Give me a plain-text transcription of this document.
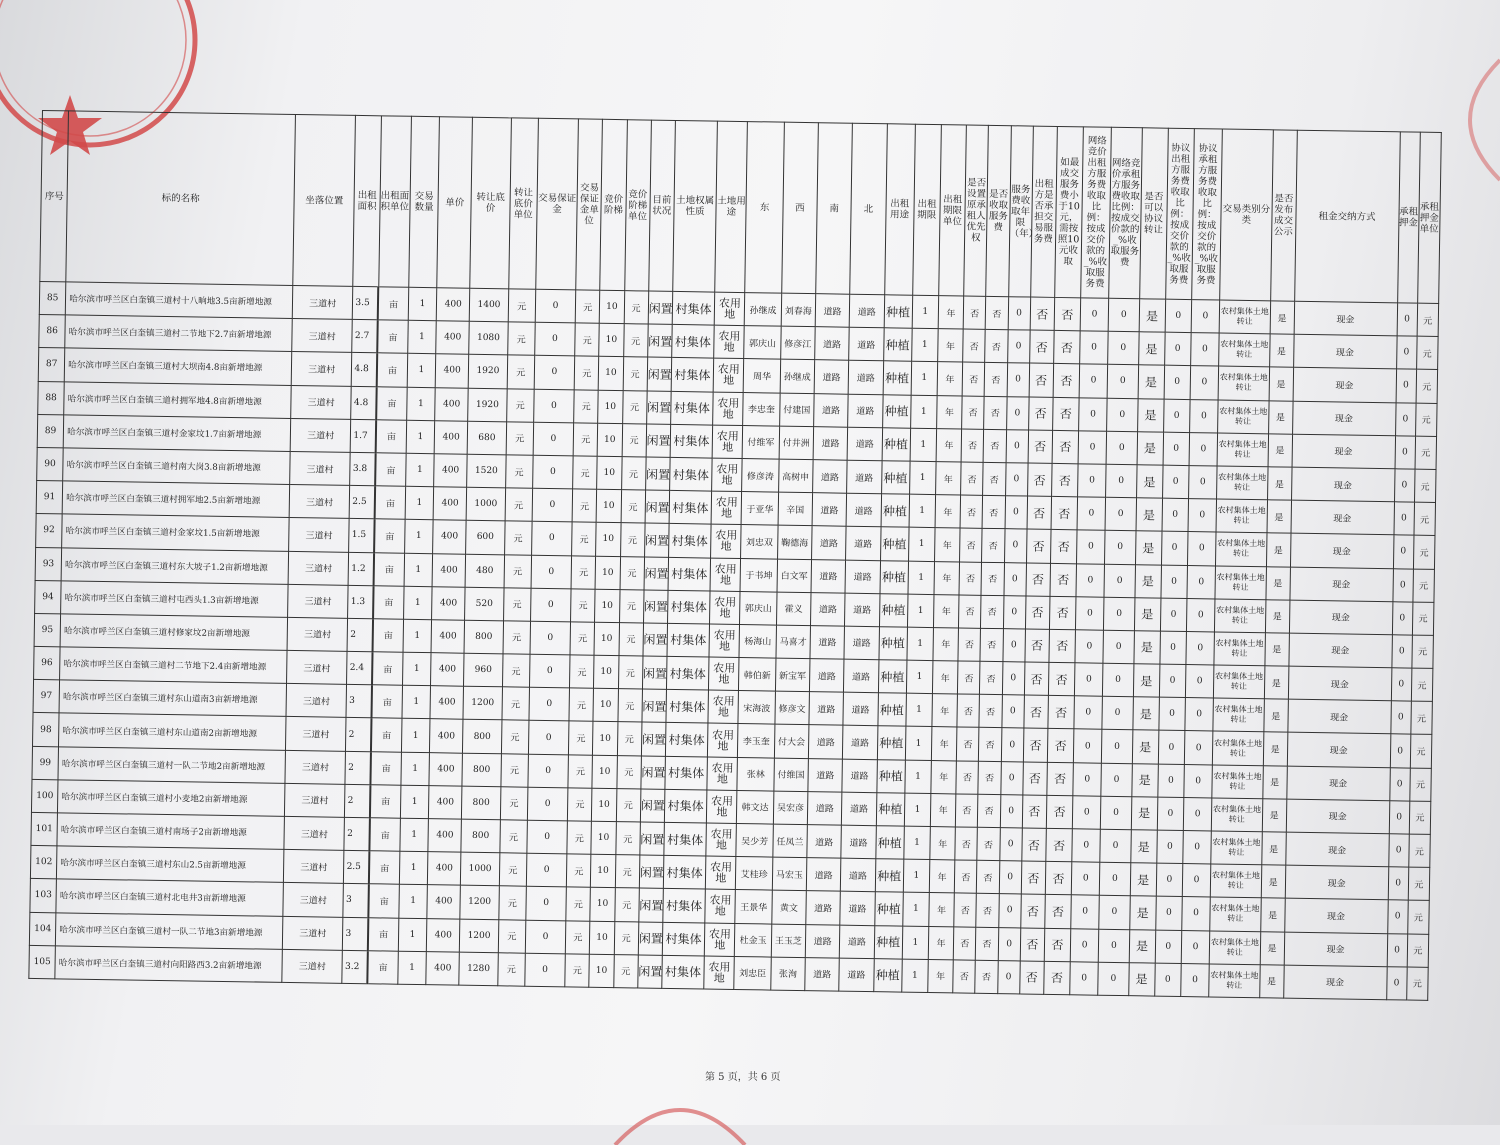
序号	标的名称	坐落位置	出租面积	出租面积单位	交易数量	单价	转让底价	转让底价单位	交易保证金	交易保证金单位	竞价阶梯	竞价阶梯单位	目前状况	土地权属性质	土地用途	东	西	南	北	出租用途	出租期限	出租期限单位	是否设置原承租人优先权	是否收取服务费	服务费收取年限（年）	出租方是否承担交易服务费	如最成交服务费小于10元，需按照10元收取	网络竞价出租方服务费收取比例：按成交价款的_%收取服务费	网络竞价承租方服务费收取比例：按成交价款的_%收取服务费	是否可以协议转让	协议出租方服务费收取比例：按成交价款的_%收取服务费	协议承租方服务费收取比例：按成交价款的_%收取服务费	交易类别分类	是否发布成交公示	租金交纳方式	承租押金	承租押金单位
85	哈尔滨市呼兰区白奎镇三道村十八晌地3.5亩新增地源	三道村	3.5	亩	1	400	1400	元	0	元	10	元	闲置	村集体	农用地	孙继成	刘春海	道路	道路	种植	1	年	否	否	0	否	否	0	0	是	0	0	农村集体土地转让	是	现金	0	元
86	哈尔滨市呼兰区白奎镇三道村二节地下2.7亩新增地源	三道村	2.7	亩	1	400	1080	元	0	元	10	元	闲置	村集体	农用地	郭庆山	修彦江	道路	道路	种植	1	年	否	否	0	否	否	0	0	是	0	0	农村集体土地转让	是	现金	0	元
87	哈尔滨市呼兰区白奎镇三道村大坝南4.8亩新增地源	三道村	4.8	亩	1	400	1920	元	0	元	10	元	闲置	村集体	农用地	周华	孙继成	道路	道路	种植	1	年	否	否	0	否	否	0	0	是	0	0	农村集体土地转让	是	现金	0	元
88	哈尔滨市呼兰区白奎镇三道村拥军地4.8亩新增地源	三道村	4.8	亩	1	400	1920	元	0	元	10	元	闲置	村集体	农用地	李忠奎	付建国	道路	道路	种植	1	年	否	否	0	否	否	0	0	是	0	0	农村集体土地转让	是	现金	0	元
89	哈尔滨市呼兰区白奎镇三道村金家坟1.7亩新增地源	三道村	1.7	亩	1	400	680	元	0	元	10	元	闲置	村集体	农用地	付维军	付井洲	道路	道路	种植	1	年	否	否	0	否	否	0	0	是	0	0	农村集体土地转让	是	现金	0	元
90	哈尔滨市呼兰区白奎镇三道村南大岗3.8亩新增地源	三道村	3.8	亩	1	400	1520	元	0	元	10	元	闲置	村集体	农用地	修彦涛	高树申	道路	道路	种植	1	年	否	否	0	否	否	0	0	是	0	0	农村集体土地转让	是	现金	0	元
91	哈尔滨市呼兰区白奎镇三道村拥军地2.5亩新增地源	三道村	2.5	亩	1	400	1000	元	0	元	10	元	闲置	村集体	农用地	于亚华	辛国	道路	道路	种植	1	年	否	否	0	否	否	0	0	是	0	0	农村集体土地转让	是	现金	0	元
92	哈尔滨市呼兰区白奎镇三道村金家坟1.5亩新增地源	三道村	1.5	亩	1	400	600	元	0	元	10	元	闲置	村集体	农用地	刘忠双	鞠德海	道路	道路	种植	1	年	否	否	0	否	否	0	0	是	0	0	农村集体土地转让	是	现金	0	元
93	哈尔滨市呼兰区白奎镇三道村东大坡子1.2亩新增地源	三道村	1.2	亩	1	400	480	元	0	元	10	元	闲置	村集体	农用地	于书坤	白文军	道路	道路	种植	1	年	否	否	0	否	否	0	0	是	0	0	农村集体土地转让	是	现金	0	元
94	哈尔滨市呼兰区白奎镇三道村屯西头1.3亩新增地源	三道村	1.3	亩	1	400	520	元	0	元	10	元	闲置	村集体	农用地	郭庆山	霍义	道路	道路	种植	1	年	否	否	0	否	否	0	0	是	0	0	农村集体土地转让	是	现金	0	元
95	哈尔滨市呼兰区白奎镇三道村修家坟2亩新增地源	三道村	2	亩	1	400	800	元	0	元	10	元	闲置	村集体	农用地	杨海山	马喜才	道路	道路	种植	1	年	否	否	0	否	否	0	0	是	0	0	农村集体土地转让	是	现金	0	元
96	哈尔滨市呼兰区白奎镇三道村二节地下2.4亩新增地源	三道村	2.4	亩	1	400	960	元	0	元	10	元	闲置	村集体	农用地	韩伯新	新宝军	道路	道路	种植	1	年	否	否	0	否	否	0	0	是	0	0	农村集体土地转让	是	现金	0	元
97	哈尔滨市呼兰区白奎镇三道村东山道南3亩新增地源	三道村	3	亩	1	400	1200	元	0	元	10	元	闲置	村集体	农用地	宋海波	修彦文	道路	道路	种植	1	年	否	否	0	否	否	0	0	是	0	0	农村集体土地转让	是	现金	0	元
98	哈尔滨市呼兰区白奎镇三道村东山道南2亩新增地源	三道村	2	亩	1	400	800	元	0	元	10	元	闲置	村集体	农用地	李玉奎	付大会	道路	道路	种植	1	年	否	否	0	否	否	0	0	是	0	0	农村集体土地转让	是	现金	0	元
99	哈尔滨市呼兰区白奎镇三道村一队二节地2亩新增地源	三道村	2	亩	1	400	800	元	0	元	10	元	闲置	村集体	农用地	张林	付维国	道路	道路	种植	1	年	否	否	0	否	否	0	0	是	0	0	农村集体土地转让	是	现金	0	元
100	哈尔滨市呼兰区白奎镇三道村小麦地2亩新增地源	三道村	2	亩	1	400	800	元	0	元	10	元	闲置	村集体	农用地	韩文达	吴宏彦	道路	道路	种植	1	年	否	否	0	否	否	0	0	是	0	0	农村集体土地转让	是	现金	0	元
101	哈尔滨市呼兰区白奎镇三道村南场子2亩新增地源	三道村	2	亩	1	400	800	元	0	元	10	元	闲置	村集体	农用地	吴少芳	任凤兰	道路	道路	种植	1	年	否	否	0	否	否	0	0	是	0	0	农村集体土地转让	是	现金	0	元
102	哈尔滨市呼兰区白奎镇三道村东山2.5亩新增地源	三道村	2.5	亩	1	400	1000	元	0	元	10	元	闲置	村集体	农用地	艾桂珍	马宏玉	道路	道路	种植	1	年	否	否	0	否	否	0	0	是	0	0	农村集体土地转让	是	现金	0	元
103	哈尔滨市呼兰区白奎镇三道村北电井3亩新增地源	三道村	3	亩	1	400	1200	元	0	元	10	元	闲置	村集体	农用地	王景华	黄文	道路	道路	种植	1	年	否	否	0	否	否	0	0	是	0	0	农村集体土地转让	是	现金	0	元
104	哈尔滨市呼兰区白奎镇三道村一队二节地3亩新增地源	三道村	3	亩	1	400	1200	元	0	元	10	元	闲置	村集体	农用地	杜金玉	王玉芝	道路	道路	种植	1	年	否	否	0	否	否	0	0	是	0	0	农村集体土地转让	是	现金	0	元
105	哈尔滨市呼兰区白奎镇三道村向阳路西3.2亩新增地源	三道村	3.2	亩	1	400	1280	元	0	元	10	元	闲置	村集体	农用地	刘忠臣	张洵	道路	道路	种植	1	年	否	否	0	否	否	0	0	是	0	0	农村集体土地转让	是	现金	0	元
第 5 页，共 6 页
